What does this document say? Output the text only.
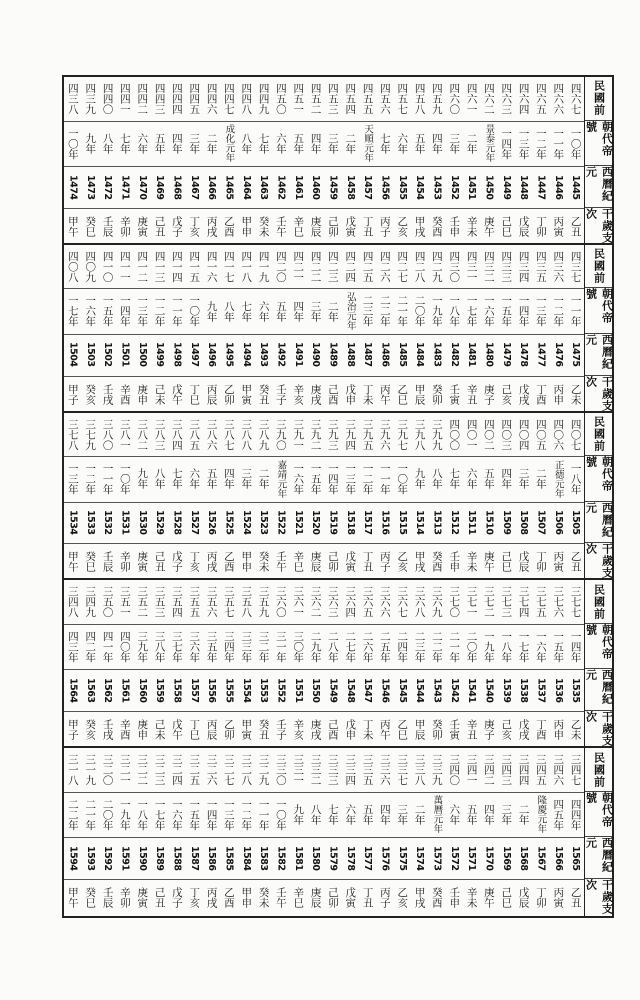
民國前
朝代帝號
西曆紀元
干歲支次
四六七
一〇年
1445
乙丑
四六六
一一年
1446
丙寅
四六五
一二年
1447
丁卯
四六四
一三年
1448
戊辰
四六三
一四年
1449
己巳
四六二
景泰元年
1450
庚午
四六一
二年
1451
辛未
四六〇
三年
1452
壬申
四五九
四年
1453
癸酉
四五八
五年
1454
甲戌
四五七
六年
1455
乙亥
四五六
七年
1456
丙子
四五五
天順元年
1457
丁丑
四五四
二年
1458
戊寅
四五三
三年
1459
己卯
四五二
四年
1460
庚辰
四五一
五年
1461
辛巳
四五〇
六年
1462
壬午
四四九
七年
1463
癸未
四四八
八年
1464
甲申
四四七
成化元年
1465
乙酉
四四六
二年
1466
丙戌
四四五
三年
1467
丁亥
四四四
四年
1468
戊子
四四三
五年
1469
己丑
四四二
六年
1470
庚寅
四四一
七年
1471
辛卯
四四〇
八年
1472
壬辰
四三九
九年
1473
癸巳
四三八
一〇年
1474
甲午
民國前
朝代帝號
西曆紀元
干歲支次
四三七
一一年
1475
乙未
四三六
一二年
1476
丙申
四三五
一三年
1477
丁酉
四三四
一四年
1478
戊戌
四三三
一五年
1479
己亥
四三二
一六年
1480
庚子
四三一
一七年
1481
辛丑
四三〇
一八年
1482
壬寅
四二九
一九年
1483
癸卯
四二八
二〇年
1484
甲辰
四二七
二一年
1485
乙巳
四二六
二二年
1486
丙午
四二五
二三年
1487
丁未
四二四
弘治元年
1488
戊申
四二三
二年
1489
己酉
四二二
三年
1490
庚戌
四二一
四年
1491
辛亥
四二〇
五年
1492
壬子
四一九
六年
1493
癸丑
四一八
七年
1494
甲寅
四一七
八年
1495
乙卯
四一六
九年
1496
丙辰
四一五
一〇年
1497
丁巳
四一四
一一年
1498
戊午
四一三
一二年
1499
己未
四一二
一三年
1500
庚申
四一一
一四年
1501
辛酉
四一〇
一五年
1502
壬戌
四〇九
一六年
1503
癸亥
四〇八
一七年
1504
甲子
民國前
朝代帝號
西曆紀元
干歲支次
四〇七
一八年
1505
乙丑
四〇六
正德元年
1506
丙寅
四〇五
二年
1507
丁卯
四〇四
三年
1508
戊辰
四〇三
四年
1509
己巳
四〇二
五年
1510
庚午
四〇一
六年
1511
辛未
四〇〇
七年
1512
壬申
三九九
八年
1513
癸酉
三九八
九年
1514
甲戌
三九七
一〇年
1515
乙亥
三九六
一一年
1516
丙子
三九五
一二年
1517
丁丑
三九四
一三年
1518
戊寅
三九三
一四年
1519
己卯
三九二
一五年
1520
庚辰
三九一
一六年
1521
辛巳
三九〇
嘉靖元年
1522
壬午
三八九
二年
1523
癸未
三八八
三年
1524
甲申
三八七
四年
1525
乙酉
三八六
五年
1526
丙戌
三八五
六年
1527
丁亥
三八四
七年
1528
戊子
三八三
八年
1529
己丑
三八二
九年
1530
庚寅
三八一
一〇年
1531
辛卯
三八〇
一一年
1532
壬辰
三七九
一二年
1533
癸巳
三七八
一三年
1534
甲午
民國前
朝代帝號
西曆紀元
干歲支次
三七七
一四年
1535
乙未
三七六
一五年
1536
丙申
三七五
一六年
1537
丁酉
三七四
一七年
1538
戊戌
三七三
一八年
1539
己亥
三七二
一九年
1540
庚子
三七一
二〇年
1541
辛丑
三七〇
二一年
1542
壬寅
三六九
二二年
1543
癸卯
三六八
二三年
1544
甲辰
三六七
二四年
1545
乙巳
三六六
二五年
1546
丙午
三六五
二六年
1547
丁未
三六四
二七年
1548
戊申
三六三
二八年
1549
己酉
三六二
二九年
1550
庚戌
三六一
三〇年
1551
辛亥
三六〇
三一年
1552
壬子
三五九
三二年
1553
癸丑
三五八
三三年
1554
甲寅
三五七
三四年
1555
乙卯
三五六
三五年
1556
丙辰
三五五
三六年
1557
丁巳
三五四
三七年
1558
戊午
三五三
三八年
1559
己未
三五二
三九年
1560
庚申
三五一
四〇年
1561
辛酉
三五〇
四一年
1562
壬戌
三四九
四二年
1563
癸亥
三四八
四三年
1564
甲子
民國前
朝代帝號
西曆紀元
干歲支次
三四七
四四年
1565
乙丑
三四六
四五年
1566
丙寅
三四五
隆慶元年
1567
丁卯
三四四
二年
1568
戊辰
三四三
三年
1569
己巳
三四二
四年
1570
庚午
三四一
五年
1571
辛未
三四〇
六年
1572
壬申
三三九
萬曆元年
1573
癸酉
三三八
二年
1574
甲戌
三三七
三年
1575
乙亥
三三六
四年
1576
丙子
三三五
五年
1577
丁丑
三三四
六年
1578
戊寅
三三三
七年
1579
己卯
三三二
八年
1580
庚辰
三三一
九年
1581
辛巳
三三〇
一〇年
1582
壬午
三二九
一一年
1583
癸未
三二八
一二年
1584
甲申
三二七
一三年
1585
乙酉
三二六
一四年
1586
丙戌
三二五
一五年
1587
丁亥
三二四
一六年
1588
戊子
三二三
一七年
1589
己丑
三二二
一八年
1590
庚寅
三二一
一九年
1591
辛卯
三二〇
二〇年
1592
壬辰
三一九
二一年
1593
癸巳
三一八
二二年
1594
甲午
